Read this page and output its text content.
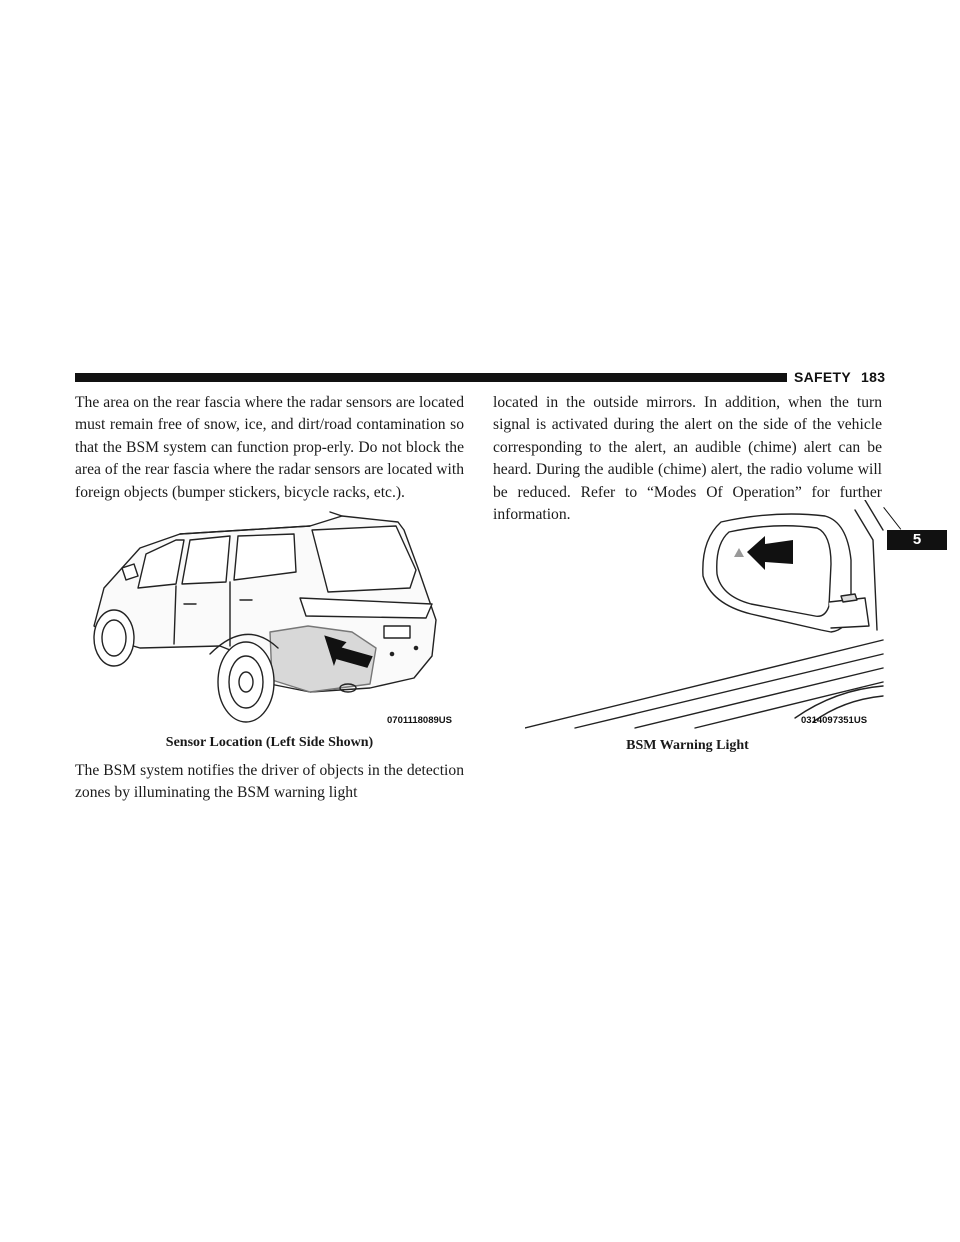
SAFETY 183

The area on the rear fascia where the radar sensors are located must remain free of snow, ice, and dirt/road contamination so that the BSM system can function prop-erly. Do not block the area of the rear fascia where the radar sensors are located with foreign objects (bumper stickers, bicycle racks, etc.).

0701118089US
Sensor Location (Left Side Shown)

The BSM system notifies the driver of objects in the detection zones by illuminating the BSM warning light

located in the outside mirrors. In addition, when the turn signal is activated during the alert on the side of the vehicle corresponding to the alert, an audible (chime) alert can be heard. During the audible (chime) alert, the radio volume will be reduced. Refer to “Modes Of Operation” for further information.

0314097351US
BSM Warning Light
5
